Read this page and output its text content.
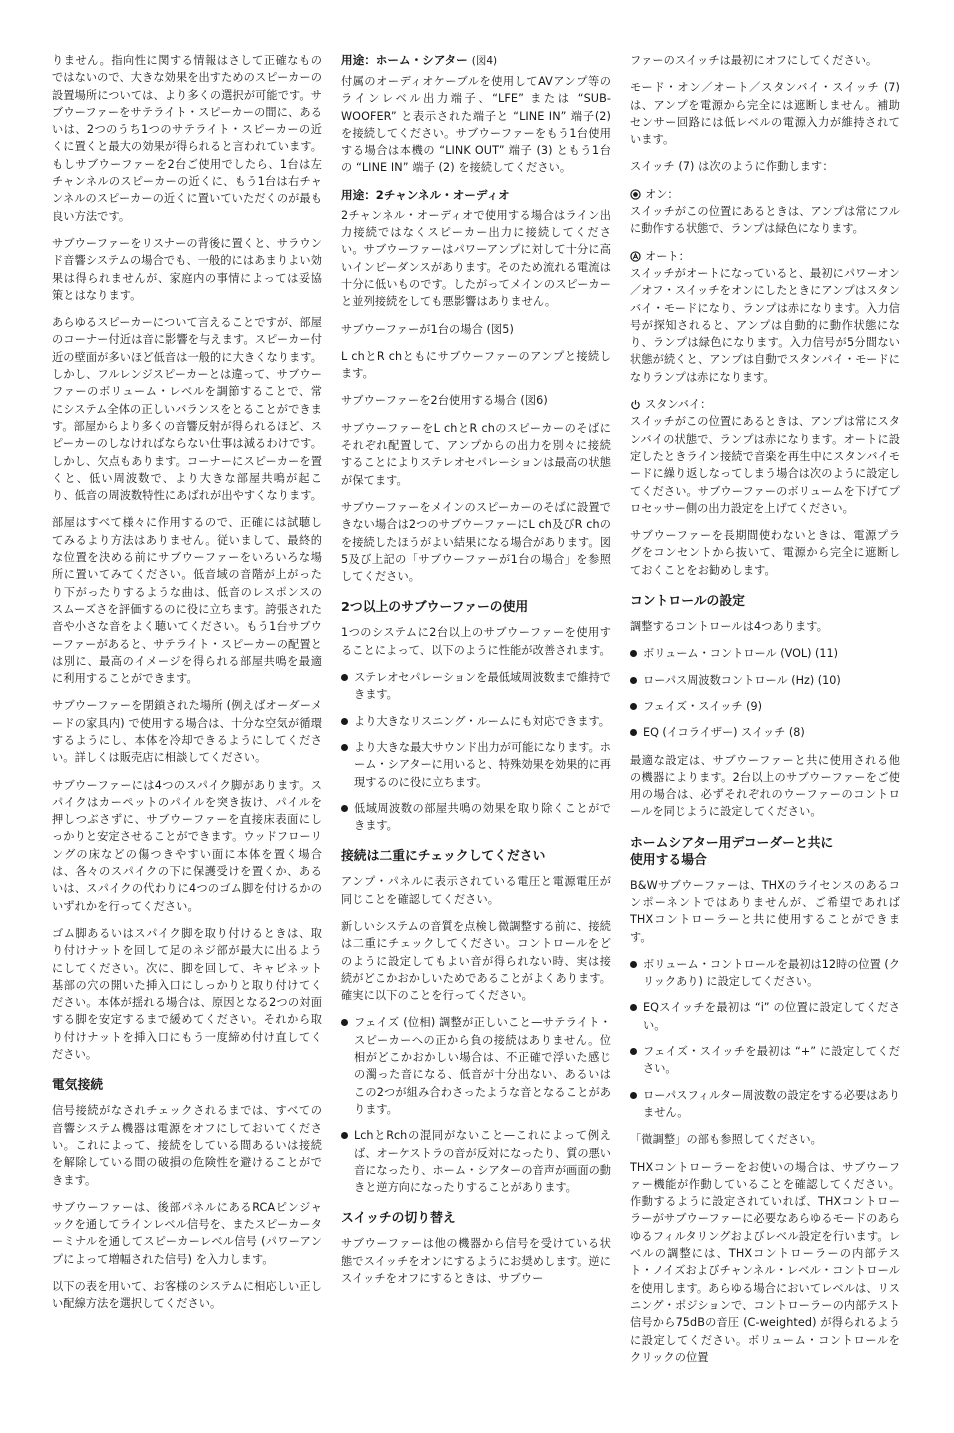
りません。指向性に関する情報はさして正確なものではないので、大きな効果を出すためのスピーカーの設置場所については、より多くの選択が可能です。サブウーファーをサテライト・スピーカーの間に、あるいは、2つのうち1つのサテライト・スピーカーの近くに置くと最大の効果が得られると言われています。もしサブウーファーを2台ご使用でしたら、1台は左チャンネルのスピーカーの近くに、もう1台は右チャンネルのスピーカーの近くに置いていただくのが最も良い方法です。

サブウーファーをリスナーの背後に置くと、サラウンド音響システムの場合でも、一般的にはあまりよい効果は得られませんが、家庭内の事情によっては妥協策とはなります。

あらゆるスピーカーについて言えることですが、部屋のコーナー付近は音に影響を与えます。スピーカー付近の壁面が多いほど低音は一般的に大きくなります。しかし、フルレンジスピーカーとは違って、サブウーファーのボリューム・レベルを調節することで、常にシステム全体の正しいバランスをとることができます。部屋からより多くの音響反射が得られるほど、スピーカーのしなければならない仕事は減るわけです。しかし、欠点もあります。コーナーにスピーカーを置くと、低い周波数で、より大きな部屋共鳴が起こり、低音の周波数特性にあばれが出やすくなります。

部屋はすべて様々に作用するので、正確には試聴してみるより方法はありません。従いまして、最終的な位置を決める前にサブウーファーをいろいろな場所に置いてみてください。低音域の音階が上がったり下がったりするような曲は、低音のレスポンスのスムーズさを評価するのに役に立ちます。誇張された音や小さな音をよく聴いてください。もう1台サブウーファーがあると、サテライト・スピーカーの配置とは別に、最高のイメージを得られる部屋共鳴を最適に利用することができます。

サブウーファーを閉鎖された場所 (例えばオーダーメードの家具内) で使用する場合は、十分な空気が循環するようにし、本体を冷却できるようにしてください。詳しくは販売店に相談してください。

サブウーファーには4つのスパイク脚があります。スパイクはカーペットのパイルを突き抜け、パイルを押しつぶさずに、サブウーファーを直接床表面にしっかりと安定させることができます。ウッドフローリングの床などの傷つきやすい面に本体を置く場合は、各々のスパイクの下に保護受けを置くか、あるいは、スパイクの代わりに4つのゴム脚を付けるかのいずれかを行ってください。

ゴム脚あるいはスパイク脚を取り付けるときは、取り付けナットを回して足のネジ部が最大に出るようにしてください。次に、脚を回して、キャビネット基部の穴の開いた挿入口にしっかりと取り付けてください。本体が揺れる場合は、原因となる2つの対面する脚を安定するまで緩めてください。それから取り付けナットを挿入口にもう一度締め付け直してください。

電気接続

信号接続がなされチェックされるまでは、すべての音響システム機器は電源をオフにしておいてください。これによって、接続をしている間あるいは接続を解除している間の破損の危険性を避けることができます。

サブウーファーは、後部パネルにあるRCAピンジャックを通してラインレベル信号を、またスピーカーターミナルを通してスピーカーレベル信号 (パワーアンプによって増幅された信号) を入力します。

以下の表を用いて、お客様のシステムに相応しい正しい配線方法を選択してください。

用途：ホーム・シアター (図4)

付属のオーディオケーブルを使用してAVアンプ等のラインレベル出力端子、“LFE” または “SUB-WOOFER” と表示された端子と “LINE IN” 端子(2) を接続してください。サブウーファーをもう1台使用する場合は本機の “LINK OUT” 端子 (3) ともう1台の “LINE IN” 端子 (2) を接続してください。

用途：2チャンネル・オーディオ

2チャンネル・オーディオで使用する場合はライン出力接続ではなくスピーカー出力に接続してください。サブウーファーはパワーアンプに対して十分に高いインピーダンスがあります。そのため流れる電流は十分に低いものです。したがってメインのスピーカーと並列接続をしても悪影響はありません。

サブウーファーが1台の場合 (図5)

L chとR chともにサブウーファーのアンプと接続します。

サブウーファーを2台使用する場合 (図6)

サブウーファーをL chとR chのスピーカーのそばにそれぞれ配置して、アンプからの出力を別々に接続することによりステレオセパレーションは最高の状態が保てます。

サブウーファーをメインのスピーカーのそばに設置できない場合は2つのサブウーファーにL ch及びR chのを接続したほうがよい結果になる場合があります。図5及び上記の「サブウーファーが1台の場合」を参照してください。

2つ以上のサブウーファーの使用

1つのシステムに2台以上のサブウーファーを使用することによって、以下のように性能が改善されます。

ステレオセパレーションを最低域周波数まで維持できます。
より大きなリスニング・ルームにも対応できます。
より大きな最大サウンド出力が可能になります。ホーム・シアターに用いると、特殊効果を効果的に再現するのに役に立ちます。
低域周波数の部屋共鳴の効果を取り除くことができます。
接続は二重にチェックしてください

アンプ・パネルに表示されている電圧と電源電圧が同じことを確認してください。

新しいシステムの音質を点検し微調整する前に、接続は二重にチェックしてください。コントロールをどのように設定してもよい音が得られない時、実は接続がどこかおかしいためであることがよくあります。確実に以下のことを行ってください。

フェイズ (位相) 調整が正しいこと—サテライト・スピーカーへの正から負の接続はありません。位相がどこかおかしい場合は、不正確で浮いた感じの濁った音になる、低音が十分出ない、あるいはこの2つが組み合わさったような音となることがあります。
LchとRchの混同がないこと—これによって例えば、オーケストラの音が反対になったり、質の悪い音になったり、ホーム・シアターの音声が画面の動きと逆方向になったりすることがあります。
スイッチの切り替え

サブウーファーは他の機器から信号を受けている状態でスイッチをオンにするようにお奨めします。逆にスイッチをオフにするときは、サブウー

ファーのスイッチは最初にオフにしてください。

モード・オン／オート／スタンバイ・スイッチ (7) は、アンプを電源から完全には遮断しません。補助センサー回路には低レベルの電源入力が維持されています。

スイッチ (7) は次のように作動します：

オン：

スイッチがこの位置にあるときは、アンプは常にフルに動作する状態で、ランプは緑色になります。

オート：

スイッチがオートになっていると、最初にパワーオン／オフ・スイッチをオンにしたときにアンプはスタンバイ・モードになり、ランプは赤になります。入力信号が探知されると、アンプは自動的に動作状態になり、ランプは緑色になります。入力信号が5分間ない状態が続くと、アンプは自動でスタンバイ・モードになりランプは赤になります。

スタンバイ：

スイッチがこの位置にあるときは、アンプは常にスタンバイの状態で、ランプは赤になります。オートに設定したときライン接続で音楽を再生中にスタンバイモードに繰り返しなってしまう場合は次のように設定してください。サブウーファーのボリュームを下げてプロセッサー側の出力設定を上げてください。

サブウーファーを長期間使わないときは、電源プラグをコンセントから抜いて、電源から完全に遮断しておくことをお勧めします。

コントロールの設定

調整するコントロールは4つあります。

ボリューム・コントロール (VOL) (11)
ローパス周波数コントロール (Hz) (10)
フェイズ・スイッチ (9)
EQ (イコライザー) スイッチ (8)

最適な設定は、サブウーファーと共に使用される他の機器によります。2台以上のサブウーファーをご使用の場合は、必ずそれぞれのウーファーのコントロールを同じように設定してください。

ホームシアター用デコーダーと共に
使用する場合

B&Wサブウーファーは、THXのライセンスのあるコンポーネントではありませんが、ご希望であればTHXコントローラーと共に使用することができます。

ボリューム・コントロールを最初は12時の位置 (クリックあり) に設定してください。
EQスイッチを最初は “i” の位置に設定してください。
フェイズ・スイッチを最初は “+” に設定してください。
ローパスフィルター周波数の設定をする必要はありません。

「微調整」の部も参照してください。

THXコントローラーをお使いの場合は、サブウーファー機能が作動していることを確認してください。作動するように設定されていれば、THXコントローラーがサブウーファーに必要なあらゆるモードのあらゆるフィルタリングおよびレベル設定を行います。レベルの調整には、THXコントローラーの内部テスト・ノイズおよびチャンネル・レベル・コントロールを使用します。あらゆる場合においてレベルは、リスニング・ポジションで、コントローラーの内部テスト信号から75dBの音圧 (C-weighted) が得られるように設定してください。ボリューム・コントロールをクリックの位置
